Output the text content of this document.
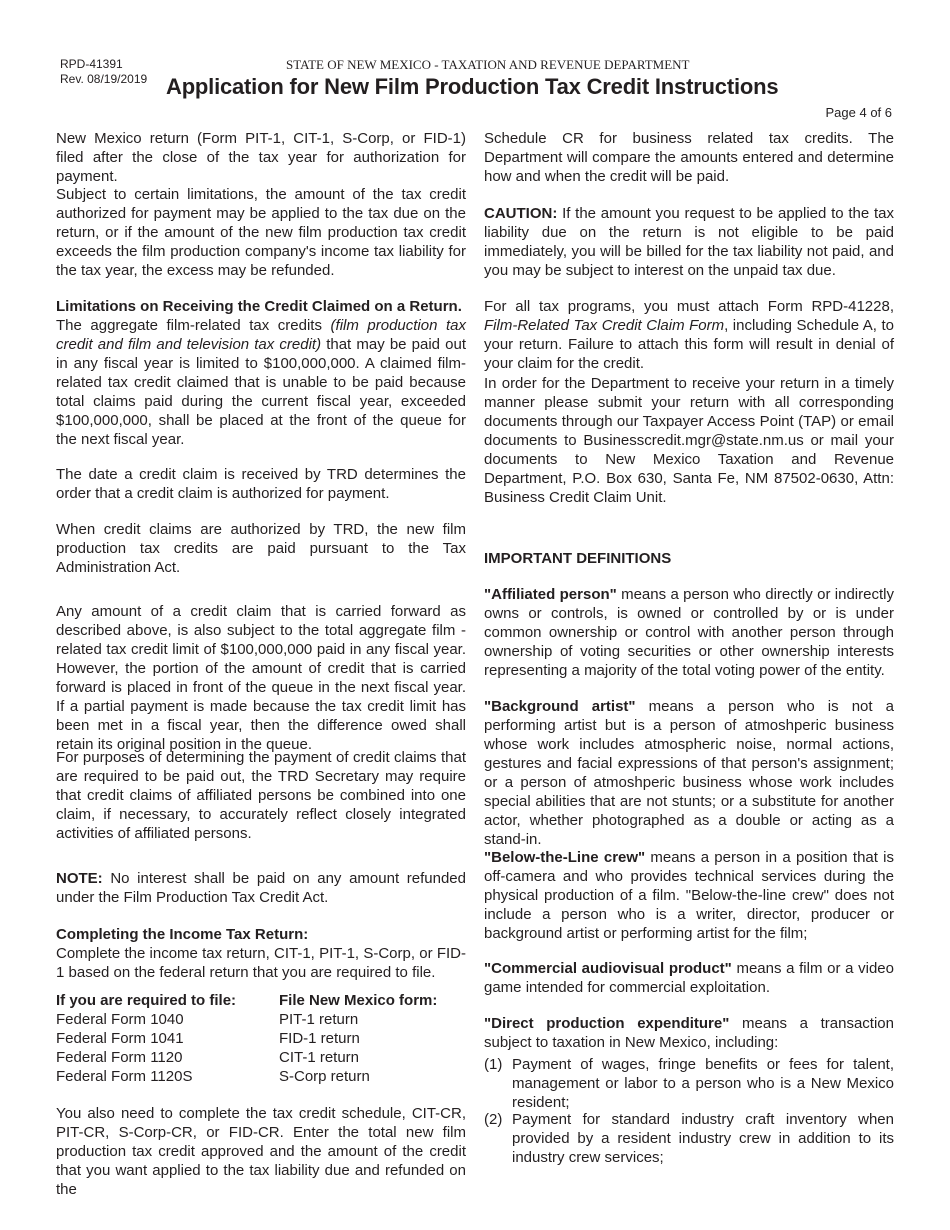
RPD-41391
Rev. 08/19/2019
STATE OF NEW MEXICO - TAXATION AND REVENUE DEPARTMENT
Application for New Film Production Tax Credit Instructions
Page 4 of 6
New Mexico return (Form PIT-1, CIT-1, S-Corp, or FID-1) filed after the close of the tax year for authorization for payment.
Subject to certain limitations, the amount of the tax credit authorized for payment may be applied to the tax due on the return, or if the amount of the new film production tax credit exceeds the film production company's income tax liability for the tax year, the excess may be refunded.
Limitations on Receiving the Credit Claimed on a Return.
The aggregate film-related tax credits (film production tax credit and film and television tax credit) that may be paid out in any fiscal year is limited to $100,000,000. A claimed film-related tax credit claimed that is unable to be paid because total claims paid during the current fiscal year, exceeded $100,000,000, shall be placed at the front of the queue for the next fiscal year.
The date a credit claim is received by TRD determines the order that a credit claim is authorized for payment.
When credit claims are authorized by TRD, the new film production tax credits are paid pursuant to the Tax Administration Act.
Any amount of a credit claim that is carried forward as described above, is also subject to the total aggregate film -related tax credit limit of $100,000,000 paid in any fiscal year. However, the portion of the amount of credit that is carried forward is placed in front of the queue in the next fiscal year. If a partial payment is made because the tax credit limit has been met in a fiscal year, then the difference owed shall retain its original position in the queue.
For purposes of determining the payment of credit claims that are required to be paid out, the TRD Secretary may require that credit claims of affiliated persons be combined into one claim, if necessary, to accurately reflect closely integrated activities of affiliated persons.
NOTE: No interest shall be paid on any amount refunded under the Film Production Tax Credit Act.
Completing the Income Tax Return:
Complete the income tax return, CIT-1, PIT-1, S-Corp, or FID-1 based on the federal return that you are required to file.
You also need to complete the tax credit schedule, CIT-CR, PIT-CR, S-Corp-CR, or FID-CR. Enter the total new film production tax credit approved and the amount of the credit that you want applied to the tax liability due and refunded on the
Schedule CR for business related tax credits. The Department will compare the amounts entered and determine how and when the credit will be paid.
CAUTION: If the amount you request to be applied to the tax liability due on the return is not eligible to be paid immediately, you will be billed for the tax liability not paid, and you may be subject to interest on the unpaid tax due.
For all tax programs, you must attach Form RPD-41228, Film-Related Tax Credit Claim Form, including Schedule A, to your return. Failure to attach this form will result in denial of your claim for the credit.
In order for the Department to receive your return in a timely manner please submit your return with all corresponding documents through our Taxpayer Access Point (TAP) or email documents to Businesscredit.mgr@state.nm.us or mail your documents to New Mexico Taxation and Revenue Department, P.O. Box 630, Santa Fe, NM 87502-0630, Attn: Business Credit Claim Unit.
IMPORTANT DEFINITIONS
"Affiliated person" means a person who directly or indirectly owns or controls, is owned or controlled by or is under common ownership or control with another person through ownership of voting securities or other ownership interests representing a majority of the total voting power of the entity.
"Background artist" means a person who is not a performing artist but is a person of atmoshperic business whose work includes atmospheric noise, normal actions, gestures and facial expressions of that person's assignment; or a person of atmoshperic business whose work includes special abilities that are not stunts; or a substitute for another actor, whether photographed as a double or acting as a stand-in.
"Below-the-Line crew" means a person in a position that is off-camera and who provides technical services during the physical production of a film. "Below-the-line crew" does not include a person who is a writer, director, producer or background artist or performing artist for the film;
"Commercial audiovisual product" means a film or a video game intended for commercial exploitation.
"Direct production expenditure" means a transaction subject to taxation in New Mexico, including:
If you are required to file:	File New Mexico form:
Federal Form 1040	PIT-1 return
Federal Form 1041	FID-1 return
Federal Form 1120	CIT-1 return
Federal Form 1120S	S-Corp return
(1) Payment of wages, fringe benefits or fees for talent, management or labor to a person who is a New Mexico resident;
(2) Payment for standard industry craft inventory when provided by a resident industry crew in addition to its industry crew services;
